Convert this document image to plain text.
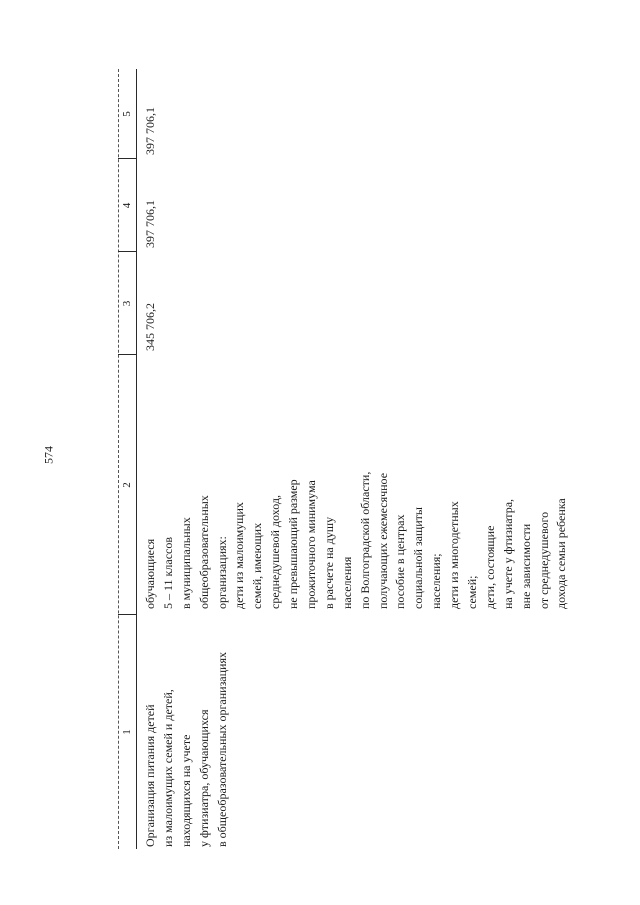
574
1
2
3
4
5
Организация питания детей из малоимущих семей и детей, находящихся на учете у фтизиатра, обучающихся в общеобразовательных организациях
обучающиеся 5 – 11 классов в муниципальных общеобразовательных организациях: дети из малоимущих семей, имеющих среднедушевой доход, не превышающий размер прожиточного минимума в расчете на душу населения по Волгоградской области, получающих ежемесячное пособие в центрах социальной защиты населения; дети из многодетных семей; дети, состоящие на учете у фтизиатра, вне зависимости от среднедушевого дохода семьи ребенка
345 706,2
397 706,1
397 706,1
